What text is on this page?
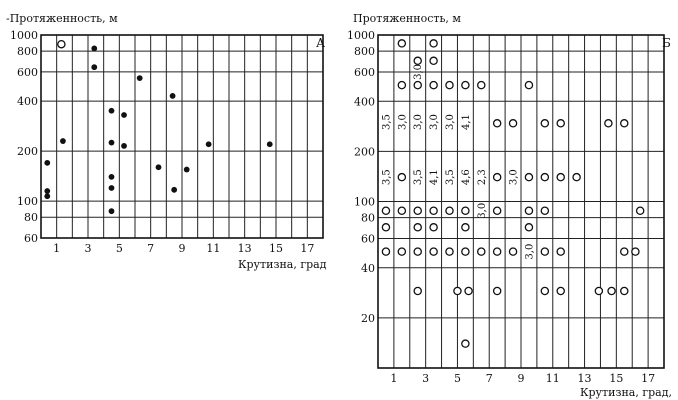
-Протяженность, м
А
Крутизна, град
60
80
100
200
400
600
800
1000
1 3 5 7 9 11 13 15 17
Протяженность, м
Б
Крутизна, град,
20
40
60
80
100
200
400
600
800
1000
1 3 5 7 9 11 13 15 17
3,5 3,0 3,0 3,0 3,0 4,1
3,0
3,5 3,5 4,1 3,5 4,6 2,3 3,0
3,0
3,0
